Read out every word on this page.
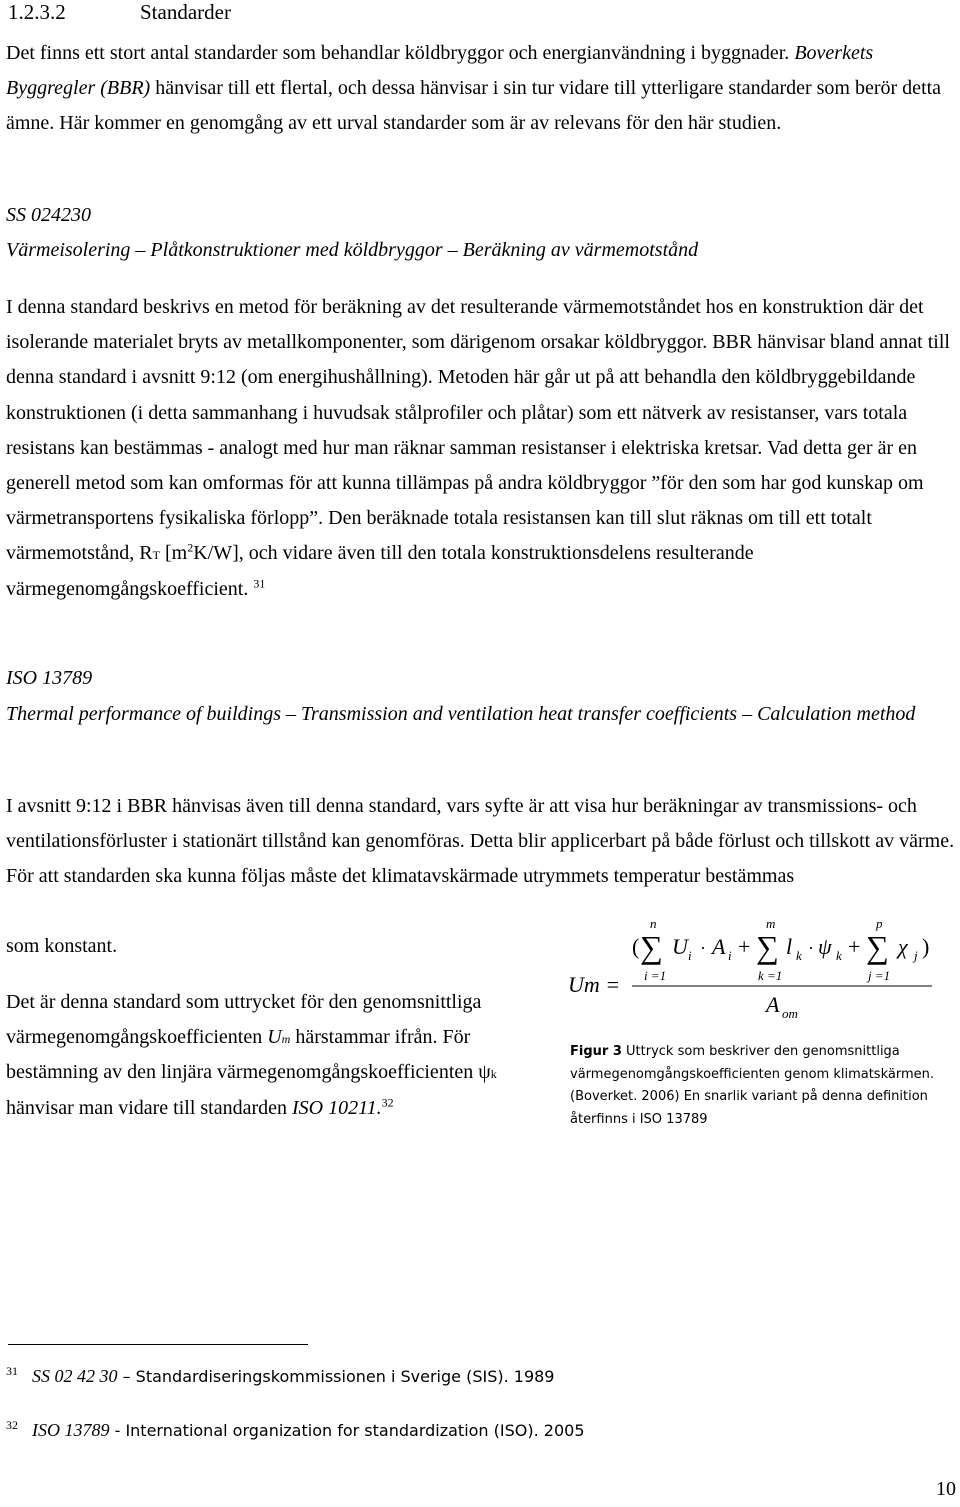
1.2.3.2	Standarder
Det finns ett stort antal standarder som behandlar köldbryggor och energianvändning i byggnader. Boverkets Byggregler (BBR) hänvisar till ett flertal, och dessa hänvisar i sin tur vidare till ytterligare standarder som berör detta ämne. Här kommer en genomgång av ett urval standarder som är av relevans för den här studien.
SS 024230
Värmeisolering – Plåtkonstruktioner med köldbryggor – Beräkning av värmemotstånd
I denna standard beskrivs en metod för beräkning av det resulterande värmemotståndet hos en konstruktion där det isolerande materialet bryts av metallkomponenter, som därigenom orsakar köldbryggor. BBR hänvisar bland annat till denna standard i avsnitt 9:12 (om energihushållning). Metoden här går ut på att behandla den köldbryggebildande konstruktionen (i detta sammanhang i huvudsak stålprofiler och plåtar) som ett nätverk av resistanser, vars totala resistans kan bestämmas - analogt med hur man räknar samman resistanser i elektriska kretsar. Vad detta ger är en generell metod som kan omformas för att kunna tillämpas på andra köldbryggor ”för den som har god kunskap om värmetransportens fysikaliska förlopp”. Den beräknade totala resistansen kan till slut räknas om till ett totalt värmemotstånd, RT $[m^2K/W]$, och vidare även till den totala konstruktionsdelens resulterande värmegenomgångskoefficient. $^{31}$
ISO 13789
Thermal performance of buildings – Transmission and ventilation heat transfer coefficients – Calculation method
I avsnitt 9:12 i BBR hänvisas även till denna standard, vars syfte är att visa hur beräkningar av transmissions- och ventilationsförluster i stationärt tillstånd kan genomföras. Detta blir applicerbart på både förlust och tillskott av värme. För att standarden ska kunna följas måste det klimatavskärmade utrymmets temperatur bestämmas
som konstant.
Det är denna standard som uttrycket för den genomsnittliga värmegenomgångskoefficienten Um härstammar ifrån. För bestämning av den linjära värmegenomgångskoefficienten ψk hänvisar man vidare till standarden ISO 10211.32
Um =
(
n
∑
i =1
U i · A i +
m
∑
k =1
l k · ψ k +
p
∑
j =1
χ j )
A om
Figur 3 Uttryck som beskriver den genomsnittliga värmegenomgångskoefficienten genom klimatskärmen.(Boverket. 2006) En snarlik variant på denna definition återfinns i ISO 13789
$^{31}$ SS 02 42 30 – Standardiseringskommissionen i Sverige (SIS). 1989
$^{32}$ ISO 13789 - International organization for standardization (ISO). 2005
10
